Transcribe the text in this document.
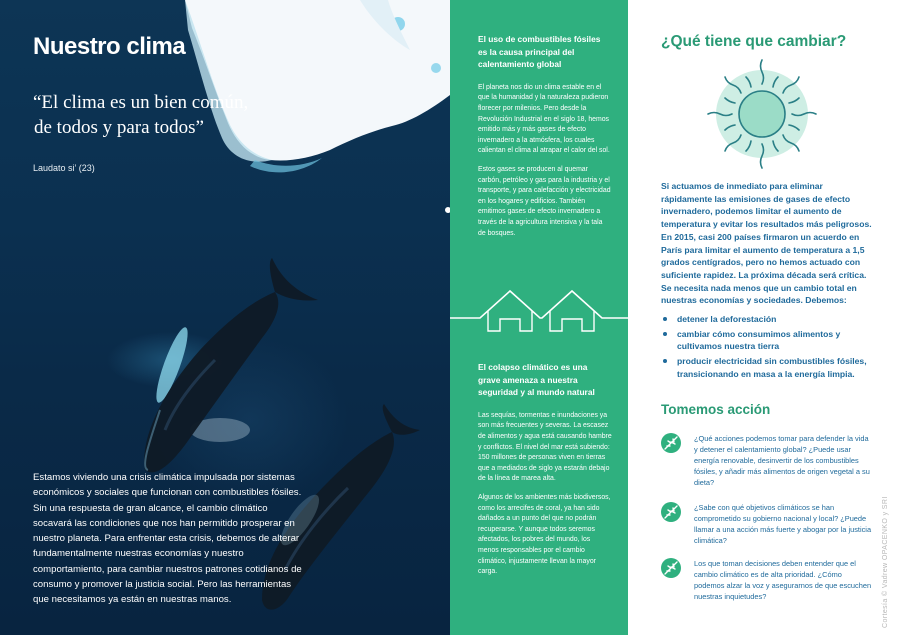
Nuestro clima
“El clima es un bien común,
de todos y para todos”
Laudato si’ (23)
Estamos viviendo una crisis climática impulsada por sistemas económicos y sociales que funcionan con combustibles fósiles. Sin una respuesta de gran alcance, el cambio climático socavará las condiciones que nos han permitido prosperar en nuestro planeta. Para enfrentar esta crisis, debemos de alterar fundamentalmente nuestras economías y nuestro comportamiento, para cambiar nuestros patrones cotidianos de consumo y promover la justicia social. Pero las herramientas que necesitamos ya están en nuestras manos.
El uso de combustibles fósiles es la causa principal del calentamiento global
El planeta nos dio un clima estable en el que la humanidad y la naturaleza pudieron florecer por milenios. Pero desde la Revolución Industrial en el siglo 18, hemos emitido más y más gases de efecto invernadero a la atmósfera, los cuales calientan el clima al atrapar el calor del sol.
Estos gases se producen al quemar carbón, petróleo y gas para la industria y el transporte, y para calefacción y electricidad en los hogares y edificios. También emitimos gases de efecto invernadero a través de la agricultura intensiva y la tala de bosques.
El colapso climático es una grave amenaza a nuestra seguridad y al mundo natural
Las sequías, tormentas e inundaciones ya son más frecuentes y severas. La escasez de alimentos y agua está causando hambre y conflictos. El nivel del mar está subiendo: 150 millones de personas viven en tierras que a mediados de siglo ya estarán debajo de la línea de marea alta.
Algunos de los ambientes más biodiversos, como los arrecifes de coral, ya han sido dañados a un punto del que no podrán recuperarse. Y aunque todos seremos afectados, los pobres del mundo, los menos responsables por el cambio climático, injustamente llevan la mayor carga.
¿Qué tiene que cambiar?
Si actuamos de inmediato para eliminar rápidamente las emisiones de gases de efecto invernadero, podemos limitar el aumento de temperatura y evitar los resultados más peligrosos. En 2015, casi 200 países firmaron un acuerdo en París para limitar el aumento de temperatura a 1,5 grados centígrados, pero no hemos actuado con suficiente rapidez. La próxima década será crítica. Se necesita nada menos que un cambio total en nuestras economías y sociedades. Debemos:
detener la deforestación
cambiar cómo consumimos alimentos y cultivamos nuestra tierra
producir electricidad sin combustibles fósiles, transicionando en masa a la energía limpia.
Tomemos acción
¿Qué acciones podemos tomar para defender la vida y detener el calentamiento global? ¿Puede usar energía renovable, desinvertir de los combustibles fósiles, y añadir más alimentos de origen vegetal a su dieta?
¿Sabe con qué objetivos climáticos se han comprometido su gobierno nacional y local? ¿Puede llamar a una acción más fuerte y abogar por la justicia climática?
Los que toman decisiones deben entender que el cambio climático es de alta prioridad. ¿Cómo podemos alzar la voz y asegurarnos de que escuchen nuestras inquietudes?	Cortesía © Vadrew OPACENKO y SRI
